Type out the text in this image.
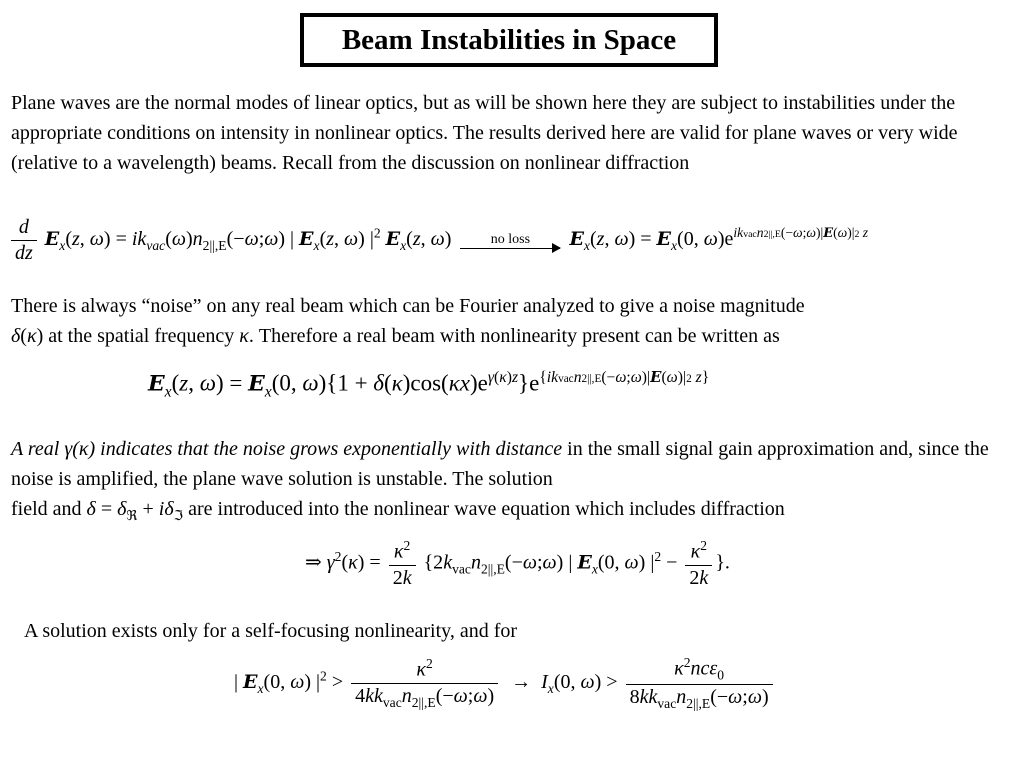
Beam Instabilities in Space

Plane waves are the normal modes of linear optics, but as will be shown here they are subject to instabilities under the appropriate conditions on intensity in nonlinear optics. The results derived here are valid for plane waves or very wide (relative to a wavelength) beams. Recall from the discussion on nonlinear diffraction

$\frac{d}{dz} E_x(z$, $\omega) = ik_{vac}(\omega)n_{2||,E}(-\omega;\omega)$ | $E_x(z$, ω) $|^2$ $E_x(z$, ω) no loss $E_x(z$, $\omega) = E_x(0$, $\omega)e^{ikvacn2||,E(-\omega;\omega)|E(\omega)|2 z}$

There is always “noise” on any real beam which can be Fourier analyzed to give a noise magnitude
δ(κ) at the spatial frequency κ. Therefore a real beam with nonlinearity present can be written as

$E_x(z$, $\omega) = E_x(0$, $\omega)\{1 + \delta(\kappa)\cos(\kappa x)e^{\gamma(\kappa)z}\}e^{\{ikvacn2||,E(-\omega;\omega)|E(\omega)|2 z\}}$

A real γ(κ) indicates that the noise grows exponentially with distance in the small signal gain approximation and, since the noise is amplified, the plane wave solution is unstable. The solution
field and $\delta = \delta_ℜ + i\delta_ℑ$ are introduced into the nonlinear wave equation which includes diffraction

⇒ $\gamma^2(\kappa) = \frac{\kappa^2}{2k}$ {$2k_{vac}n_{2||,E}(-\omega;\omega)$ | $E_x(0$, ω) $|^2 - \frac{\kappa^2}{2k}$ }.

A solution exists only for a self-focusing nonlinearity, and for

| $E_x(0$, ω) $|^2 > \frac{\kappa^2}{4kk_{vac}n_{2||,E}(-\omega;\omega)} \to I_x(0$, $\omega) > \frac{\kappa^2nc\varepsilon_0}{8kk_{vac}n_{2||,E}(-\omega;\omega)}$
